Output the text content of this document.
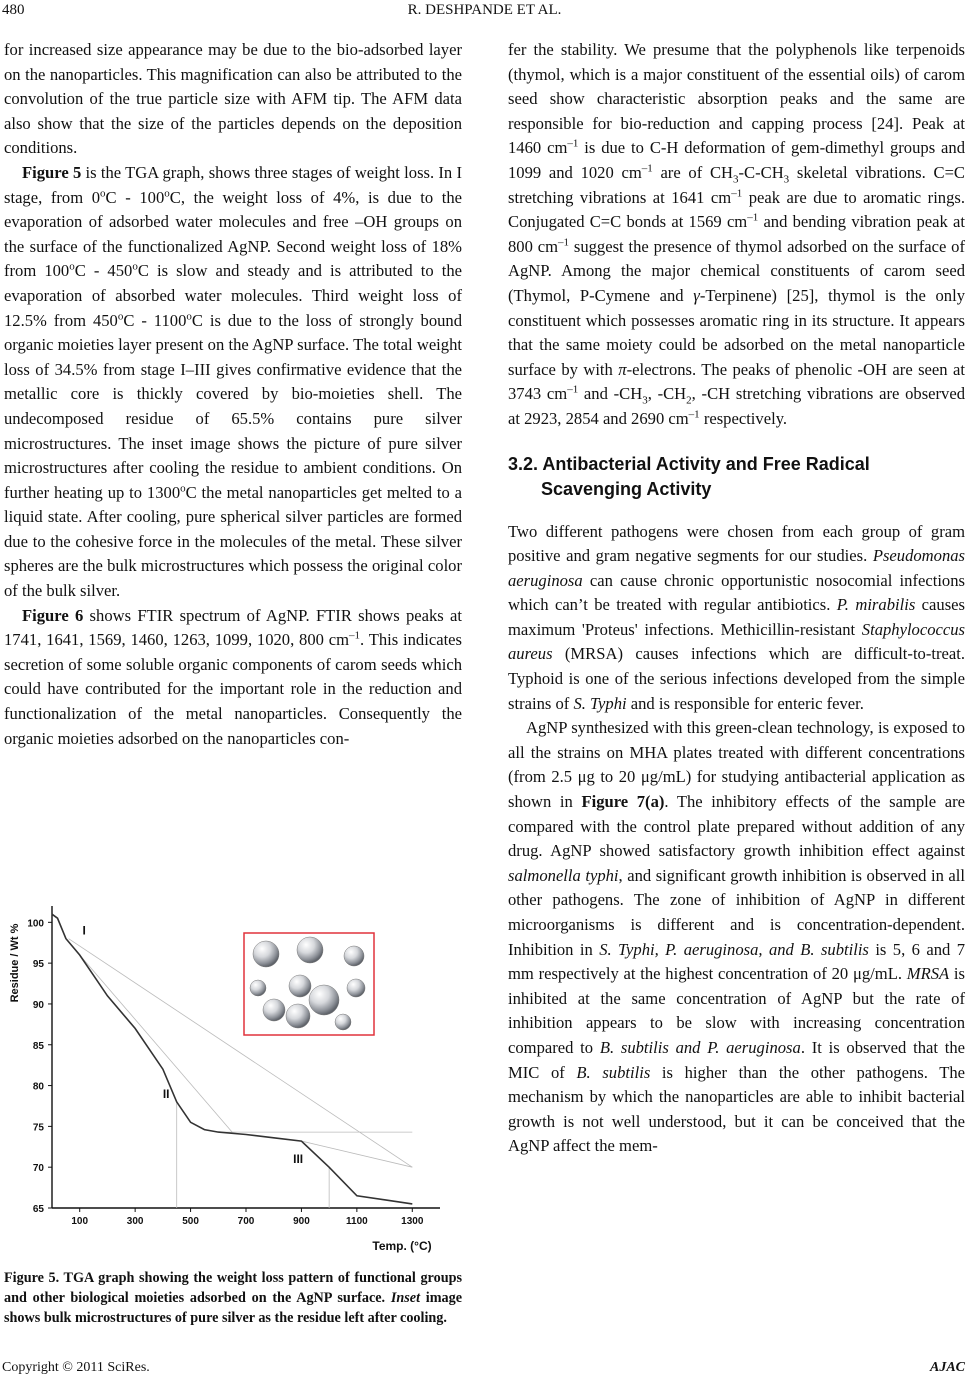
480	R. DESHPANDE ET AL.

for increased size appearance may be due to the bio-adsorbed layer on the nanoparticles. This magnification can also be attributed to the convolution of the true particle size with AFM tip. The AFM data also show that the size of the particles depends on the deposition conditions.

Figure 5 is the TGA graph, shows three stages of weight loss. In I stage, from 0$^o$C - 100$^o$C, the weight loss of 4%, is due to the evaporation of adsorbed water molecules and free –OH groups on the surface of the functionalized AgNP. Second weight loss of 18% from 100$^o$C - 450$^o$C is slow and steady and is attributed to the evaporation of absorbed water molecules. Third weight loss of 12.5% from 450$^o$C - 1100$^o$C is due to the loss of strongly bound organic moieties layer present on the AgNP surface. The total weight loss of 34.5% from stage I–III gives confirmative evidence that the metallic core is thickly covered by bio-moieties shell. The undecomposed residue of 65.5% contains pure silver microstructures. The inset image shows the picture of pure silver microstructures after cooling the residue to ambient conditions. On further heating up to 1300$^o$C the metal nanoparticles get melted to a liquid state. After cooling, pure spherical silver particles are formed due to the cohesive force in the molecules of the metal. These silver spheres are the bulk microstructures which possess the original color of the bulk silver.

Figure 6 shows FTIR spectrum of AgNP. FTIR shows peaks at 1741, 1641, 1569, 1460, 1263, 1099, 1020, 800 $cm^{-1}$. This indicates secretion of some soluble organic components of carom seeds which could have contributed for the important role in the reduction and functionalization of the metal nanoparticles. Consequently the organic moieties adsorbed on the nanoparticles con-

100
95
90
85
80
75
70
65
100	300	500	700	900	1100	1300
I
II
III
Residue / Wt %
Temp. (°C)
Figure 5. TGA graph showing the weight loss pattern of functional groups and other biological moieties adsorbed on the AgNP surface. Inset image shows bulk microstructures of pure silver as the residue left after cooling.

fer the stability. We presume that the polyphenols like terpenoids (thymol, which is a major constituent of the essential oils) of carom seed show characteristic absorption peaks and the same are responsible for bio-reduction and capping process [24]. Peak at 1460 $cm^{-1}$ is due to C-H deformation of gem-dimethyl groups and 1099 and 1020 $cm^{-1}$ are of $CH_3-C-CH_3$ skeletal vibrations. C=C stretching vibrations at 1641 $cm^{-1}$ peak are due to aromatic rings. Conjugated C=C bonds at 1569 $cm^{-1}$ and bending vibration peak at 800 $cm^{-1}$ suggest the presence of thymol adsorbed on the surface of AgNP. Among the major chemical constituents of carom seed (Thymol, P-Cymene and γ-Terpinene) [25], thymol is the only constituent which possesses aromatic ring in its structure. It appears that the same moiety could be adsorbed on the metal nanoparticle surface by with π-electrons. The peaks of phenolic -OH are seen at 3743 $cm^{-1}$ and $-CH_3$, $-CH_2$, -CH stretching vibrations are observed at 2923, 2854 and 2690 $cm^{-1}$ respectively.

3.2. Antibacterial Activity and Free Radical
Scavenging Activity

Two different pathogens were chosen from each group of gram positive and gram negative segments for our studies. Pseudomonas aeruginosa can cause chronic opportunistic nosocomial infections which can’t be treated with regular antibiotics. P. mirabilis causes maximum 'Proteus' infections. Methicillin-resistant Staphylococcus aureus (MRSA) causes infections which are difficult-to-treat. Typhoid is one of the serious infections developed from the simple strains of S. Typhi and is responsible for enteric fever.

AgNP synthesized with this green-clean technology, is exposed to all the strains on MHA plates treated with different concentrations (from 2.5 μg to 20 μg/mL) for studying antibacterial application as shown in Figure 7(a). The inhibitory effects of the sample are compared with the control plate prepared without addition of any drug. AgNP showed satisfactory growth inhibition effect against salmonella typhi, and significant growth inhibition is observed in all other pathogens. The zone of inhibition of AgNP in different microorganisms is different and is concentration-dependent. Inhibition in S. Typhi, P. aeruginosa, and B. subtilis is 5, 6 and 7 mm respectively at the highest concentration of 20 μg/mL. MRSA is inhibited at the same concentration of AgNP but the rate of inhibition appears to be slow with increasing concentration compared to B. subtilis and P. aeruginosa. It is observed that the MIC of B. subtilis is higher than the other pathogens. The mechanism by which the nanoparticles are able to inhibit bacterial growth is not well understood, but it can be conceived that the AgNP affect the mem-

Copyright © 2011 SciRes.	AJAC
